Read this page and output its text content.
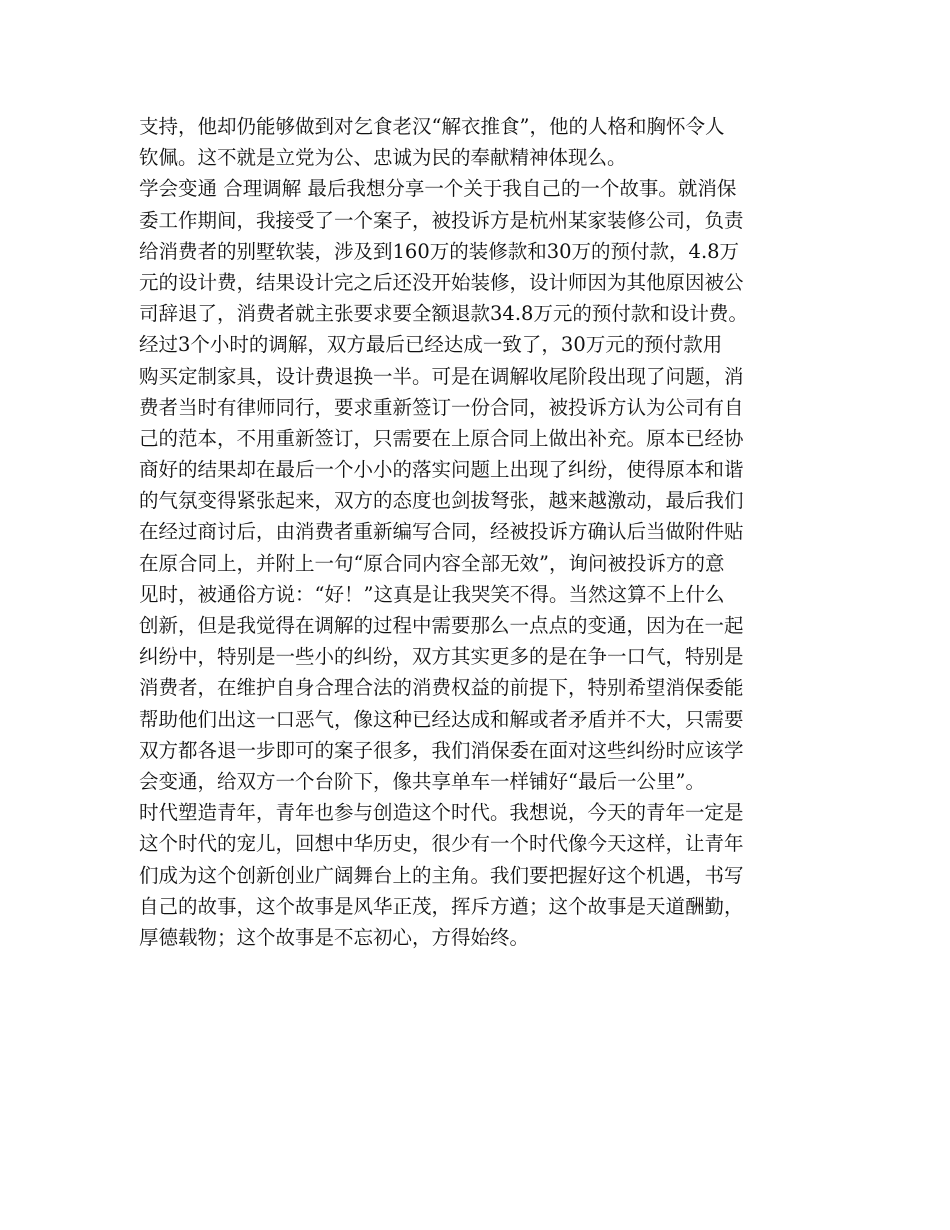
支持，他却仍能够做到对乞食老汉“解衣推食”，他的人格和胸怀令人
钦佩。这不就是立党为公、忠诚为民的奉献精神体现么。
学会变通 合理调解 最后我想分享一个关于我自己的一个故事。就消保
委工作期间，我接受了一个案子，被投诉方是杭州某家装修公司，负责
给消费者的别墅软装，涉及到160万的装修款和30万的预付款，4.8万
元的设计费，结果设计完之后还没开始装修，设计师因为其他原因被公
司辞退了，消费者就主张要求要全额退款34.8万元的预付款和设计费。
经过3个小时的调解，双方最后已经达成一致了，30万元的预付款用
购买定制家具，设计费退换一半。可是在调解收尾阶段出现了问题，消
费者当时有律师同行，要求重新签订一份合同，被投诉方认为公司有自
己的范本，不用重新签订，只需要在上原合同上做出补充。原本已经协
商好的结果却在最后一个小小的落实问题上出现了纠纷，使得原本和谐
的气氛变得紧张起来，双方的态度也剑拔弩张，越来越激动，最后我们
在经过商讨后，由消费者重新编写合同，经被投诉方确认后当做附件贴
在原合同上，并附上一句“原合同内容全部无效”，询问被投诉方的意
见时，被通俗方说：“好！”这真是让我哭笑不得。当然这算不上什么
创新，但是我觉得在调解的过程中需要那么一点点的变通，因为在一起
纠纷中，特别是一些小的纠纷，双方其实更多的是在争一口气，特别是
消费者，在维护自身合理合法的消费权益的前提下，特别希望消保委能
帮助他们出这一口恶气，像这种已经达成和解或者矛盾并不大，只需要
双方都各退一步即可的案子很多，我们消保委在面对这些纠纷时应该学
会变通，给双方一个台阶下，像共享单车一样铺好“最后一公里”。
时代塑造青年，青年也参与创造这个时代。我想说，今天的青年一定是
这个时代的宠儿，回想中华历史，很少有一个时代像今天这样，让青年
们成为这个创新创业广阔舞台上的主角。我们要把握好这个机遇，书写
自己的故事，这个故事是风华正茂，挥斥方遒；这个故事是天道酬勤，
厚德载物；这个故事是不忘初心，方得始终。
